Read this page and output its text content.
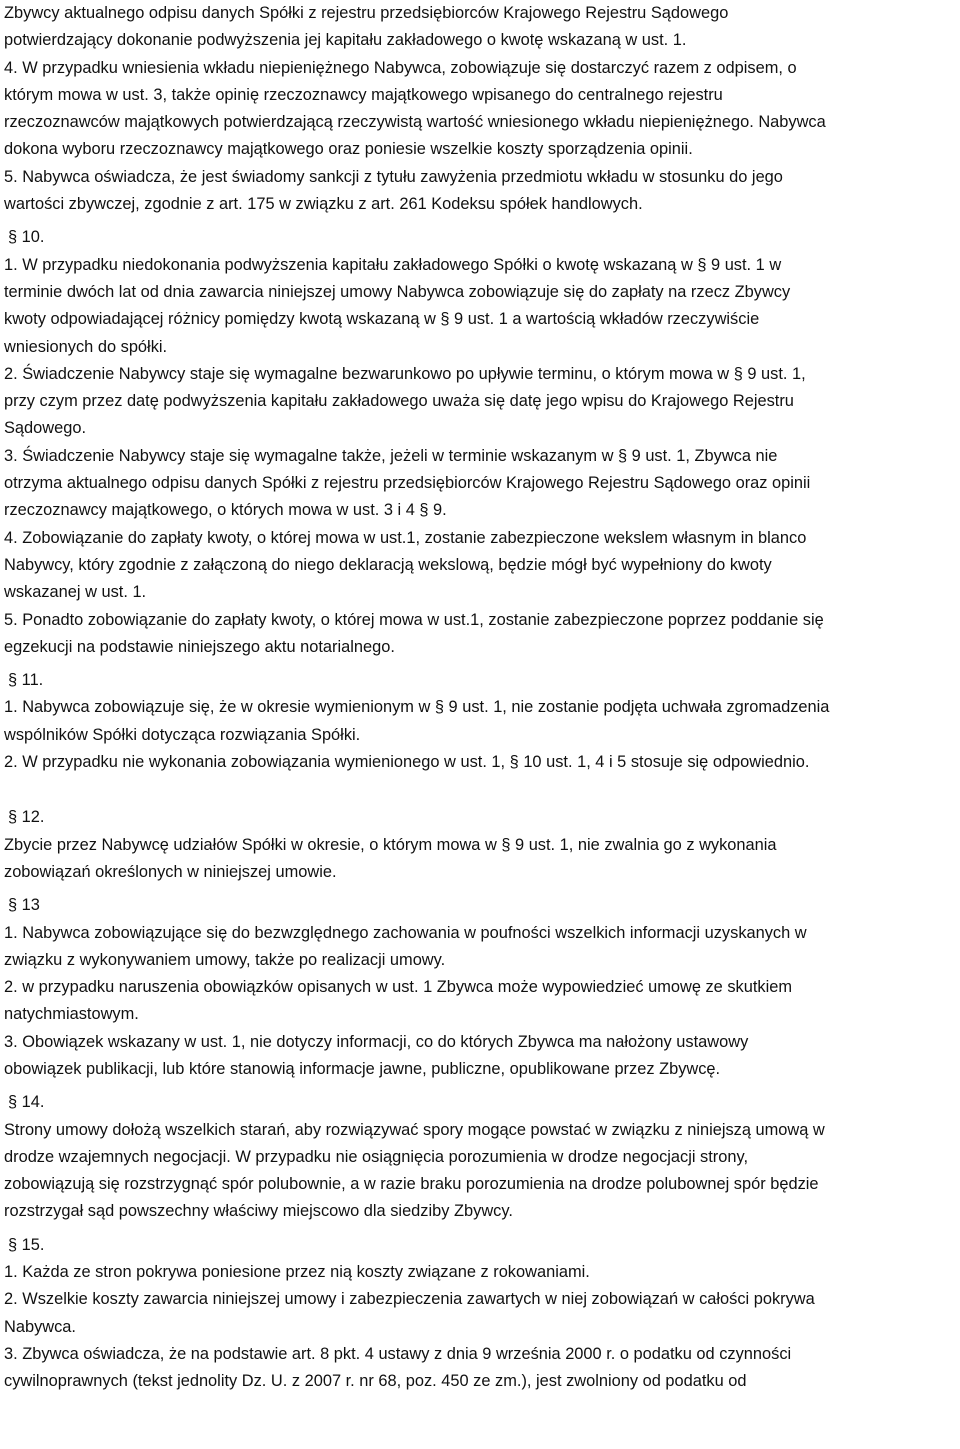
Zbywcy aktualnego odpisu danych Spółki z rejestru przedsiębiorców Krajowego Rejestru Sądowego
potwierdzający dokonanie podwyższenia jej kapitału zakładowego o kwotę wskazaną w ust. 1.
4. W przypadku wniesienia wkładu niepieniężnego Nabywca, zobowiązuje się dostarczyć razem z odpisem, o
którym mowa w ust. 3, także opinię rzeczoznawcy majątkowego wpisanego do centralnego rejestru
rzeczoznawców majątkowych potwierdzającą rzeczywistą wartość wniesionego wkładu niepieniężnego. Nabywca
dokona wyboru rzeczoznawcy majątkowego oraz poniesie wszelkie koszty sporządzenia opinii.
5. Nabywca oświadcza, że jest świadomy sankcji z tytułu zawyżenia przedmiotu wkładu w stosunku do jego
wartości zbywczej, zgodnie z art. 175 w związku z art. 261 Kodeksu spółek handlowych.
§ 10.
1. W przypadku niedokonania podwyższenia kapitału zakładowego Spółki o kwotę wskazaną w § 9 ust. 1 w
terminie dwóch lat od dnia zawarcia niniejszej umowy Nabywca zobowiązuje się do zapłaty na rzecz Zbywcy
kwoty odpowiadającej różnicy pomiędzy kwotą wskazaną w § 9 ust. 1 a wartością wkładów rzeczywiście
wniesionych do spółki.
2. Świadczenie Nabywcy staje się wymagalne bezwarunkowo po upływie terminu, o którym mowa w § 9 ust. 1,
przy czym przez datę podwyższenia kapitału zakładowego uważa się datę jego wpisu do Krajowego Rejestru
Sądowego.
3. Świadczenie Nabywcy staje się wymagalne także, jeżeli w terminie wskazanym w § 9 ust. 1, Zbywca nie
otrzyma aktualnego odpisu danych Spółki z rejestru przedsiębiorców Krajowego Rejestru Sądowego oraz opinii
rzeczoznawcy majątkowego, o których mowa w ust. 3 i 4 § 9.
4. Zobowiązanie do zapłaty kwoty, o której mowa w ust.1, zostanie zabezpieczone wekslem własnym in blanco
Nabywcy, który zgodnie z załączoną do niego deklaracją wekslową, będzie mógł być wypełniony do kwoty
wskazanej w ust. 1.
5. Ponadto zobowiązanie do zapłaty kwoty, o której mowa w ust.1, zostanie zabezpieczone poprzez poddanie się
egzekucji na podstawie niniejszego aktu notarialnego.
§ 11.
1. Nabywca zobowiązuje się, że w okresie wymienionym w § 9 ust. 1, nie zostanie podjęta uchwała zgromadzenia
wspólników Spółki dotycząca rozwiązania Spółki.
2. W przypadku nie wykonania zobowiązania wymienionego w ust. 1, § 10 ust. 1, 4 i 5 stosuje się odpowiednio.
§ 12.
Zbycie przez Nabywcę udziałów Spółki w okresie, o którym mowa w § 9 ust. 1, nie zwalnia go z wykonania
zobowiązań określonych w niniejszej umowie.
§ 13
1. Nabywca zobowiązujące się do bezwzględnego zachowania w poufności wszelkich informacji uzyskanych w
związku z wykonywaniem umowy, także po realizacji umowy.
2. w przypadku naruszenia obowiązków opisanych w ust. 1 Zbywca może wypowiedzieć umowę ze skutkiem
natychmiastowym.
3. Obowiązek wskazany w ust. 1, nie dotyczy informacji, co do których Zbywca ma nałożony ustawowy
obowiązek publikacji, lub które stanowią informacje jawne, publiczne, opublikowane przez Zbywcę.
§ 14.
Strony umowy dołożą wszelkich starań, aby rozwiązywać spory mogące powstać w związku z niniejszą umową w
drodze wzajemnych negocjacji. W przypadku nie osiągnięcia porozumienia w drodze negocjacji strony,
zobowiązują się rozstrzygnąć spór polubownie, a w razie braku porozumienia na drodze polubownej spór będzie
rozstrzygał sąd powszechny właściwy miejscowo dla siedziby Zbywcy.
§ 15.
1. Każda ze stron pokrywa poniesione przez nią koszty związane z rokowaniami.
2. Wszelkie koszty zawarcia niniejszej umowy i zabezpieczenia zawartych w niej zobowiązań w całości pokrywa
Nabywca.
3. Zbywca oświadcza, że na podstawie art. 8 pkt. 4 ustawy z dnia 9 września 2000 r. o podatku od czynności
cywilnoprawnych (tekst jednolity Dz. U. z 2007 r. nr 68, poz. 450 ze zm.), jest zwolniony od podatku od
